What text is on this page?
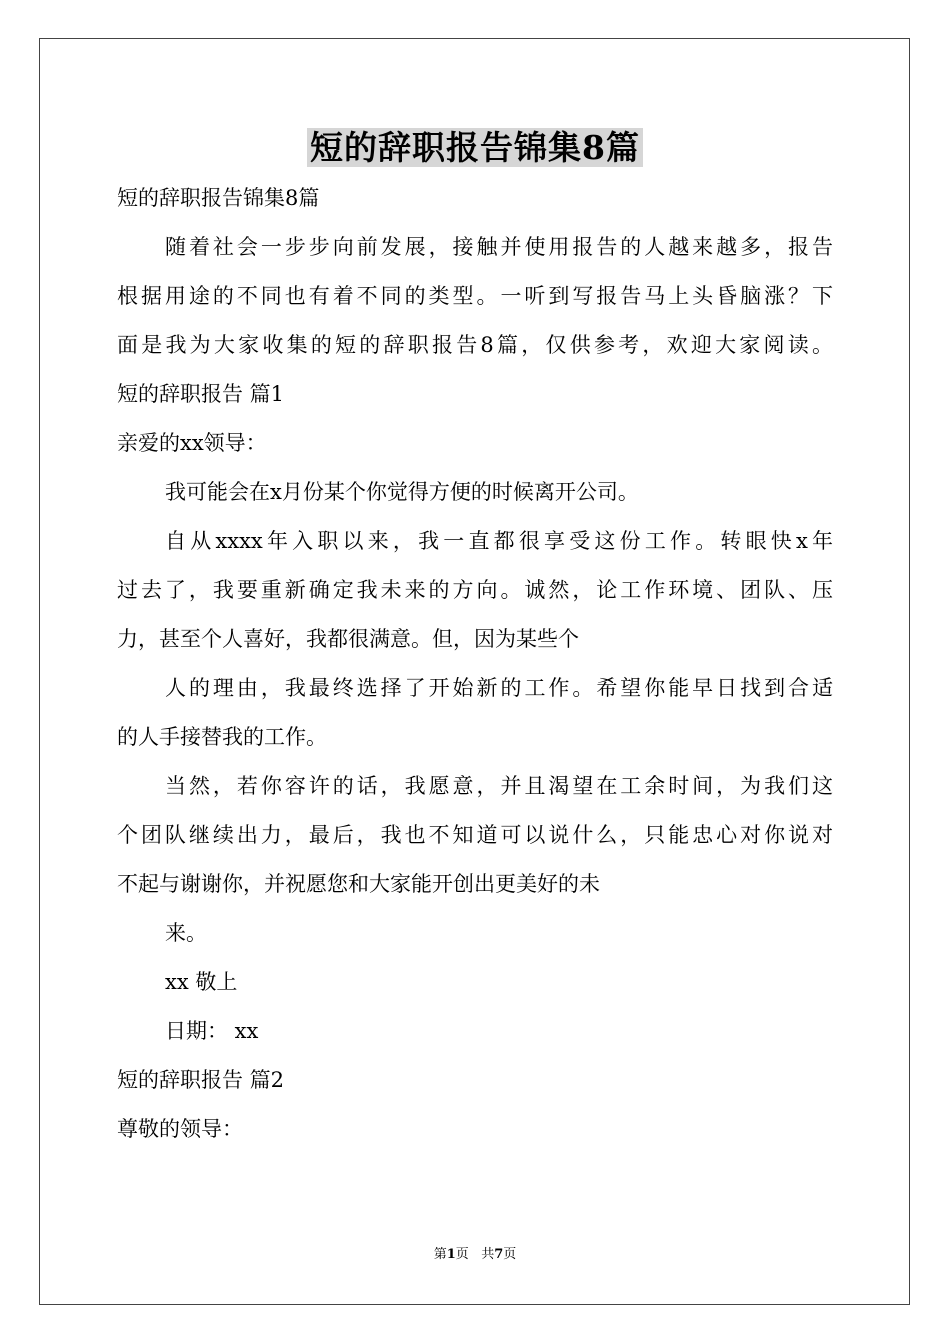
短的辞职报告锦集8篇
短的辞职报告锦集8篇
随着社会一步步向前发展，接触并使用报告的人越来越多，报告
根据用途的不同也有着不同的类型。一听到写报告马上头昏脑涨？下
面是我为大家收集的短的辞职报告8篇，仅供参考，欢迎大家阅读。
短的辞职报告 篇1
亲爱的xx领导：
我可能会在x月份某个你觉得方便的时候离开公司。
自从xxxx年入职以来，我一直都很享受这份工作。转眼快x年
过去了，我要重新确定我未来的方向。诚然，论工作环境、团队、压
力，甚至个人喜好，我都很满意。但，因为某些个
人的理由，我最终选择了开始新的工作。希望你能早日找到合适
的人手接替我的工作。
当然，若你容许的话，我愿意，并且渴望在工余时间，为我们这
个团队继续出力，最后，我也不知道可以说什么，只能忠心对你说对
不起与谢谢你，并祝愿您和大家能开创出更美好的未
来。
xx 敬上
日期： xx
短的辞职报告 篇2
尊敬的领导：
第1页 共7页
